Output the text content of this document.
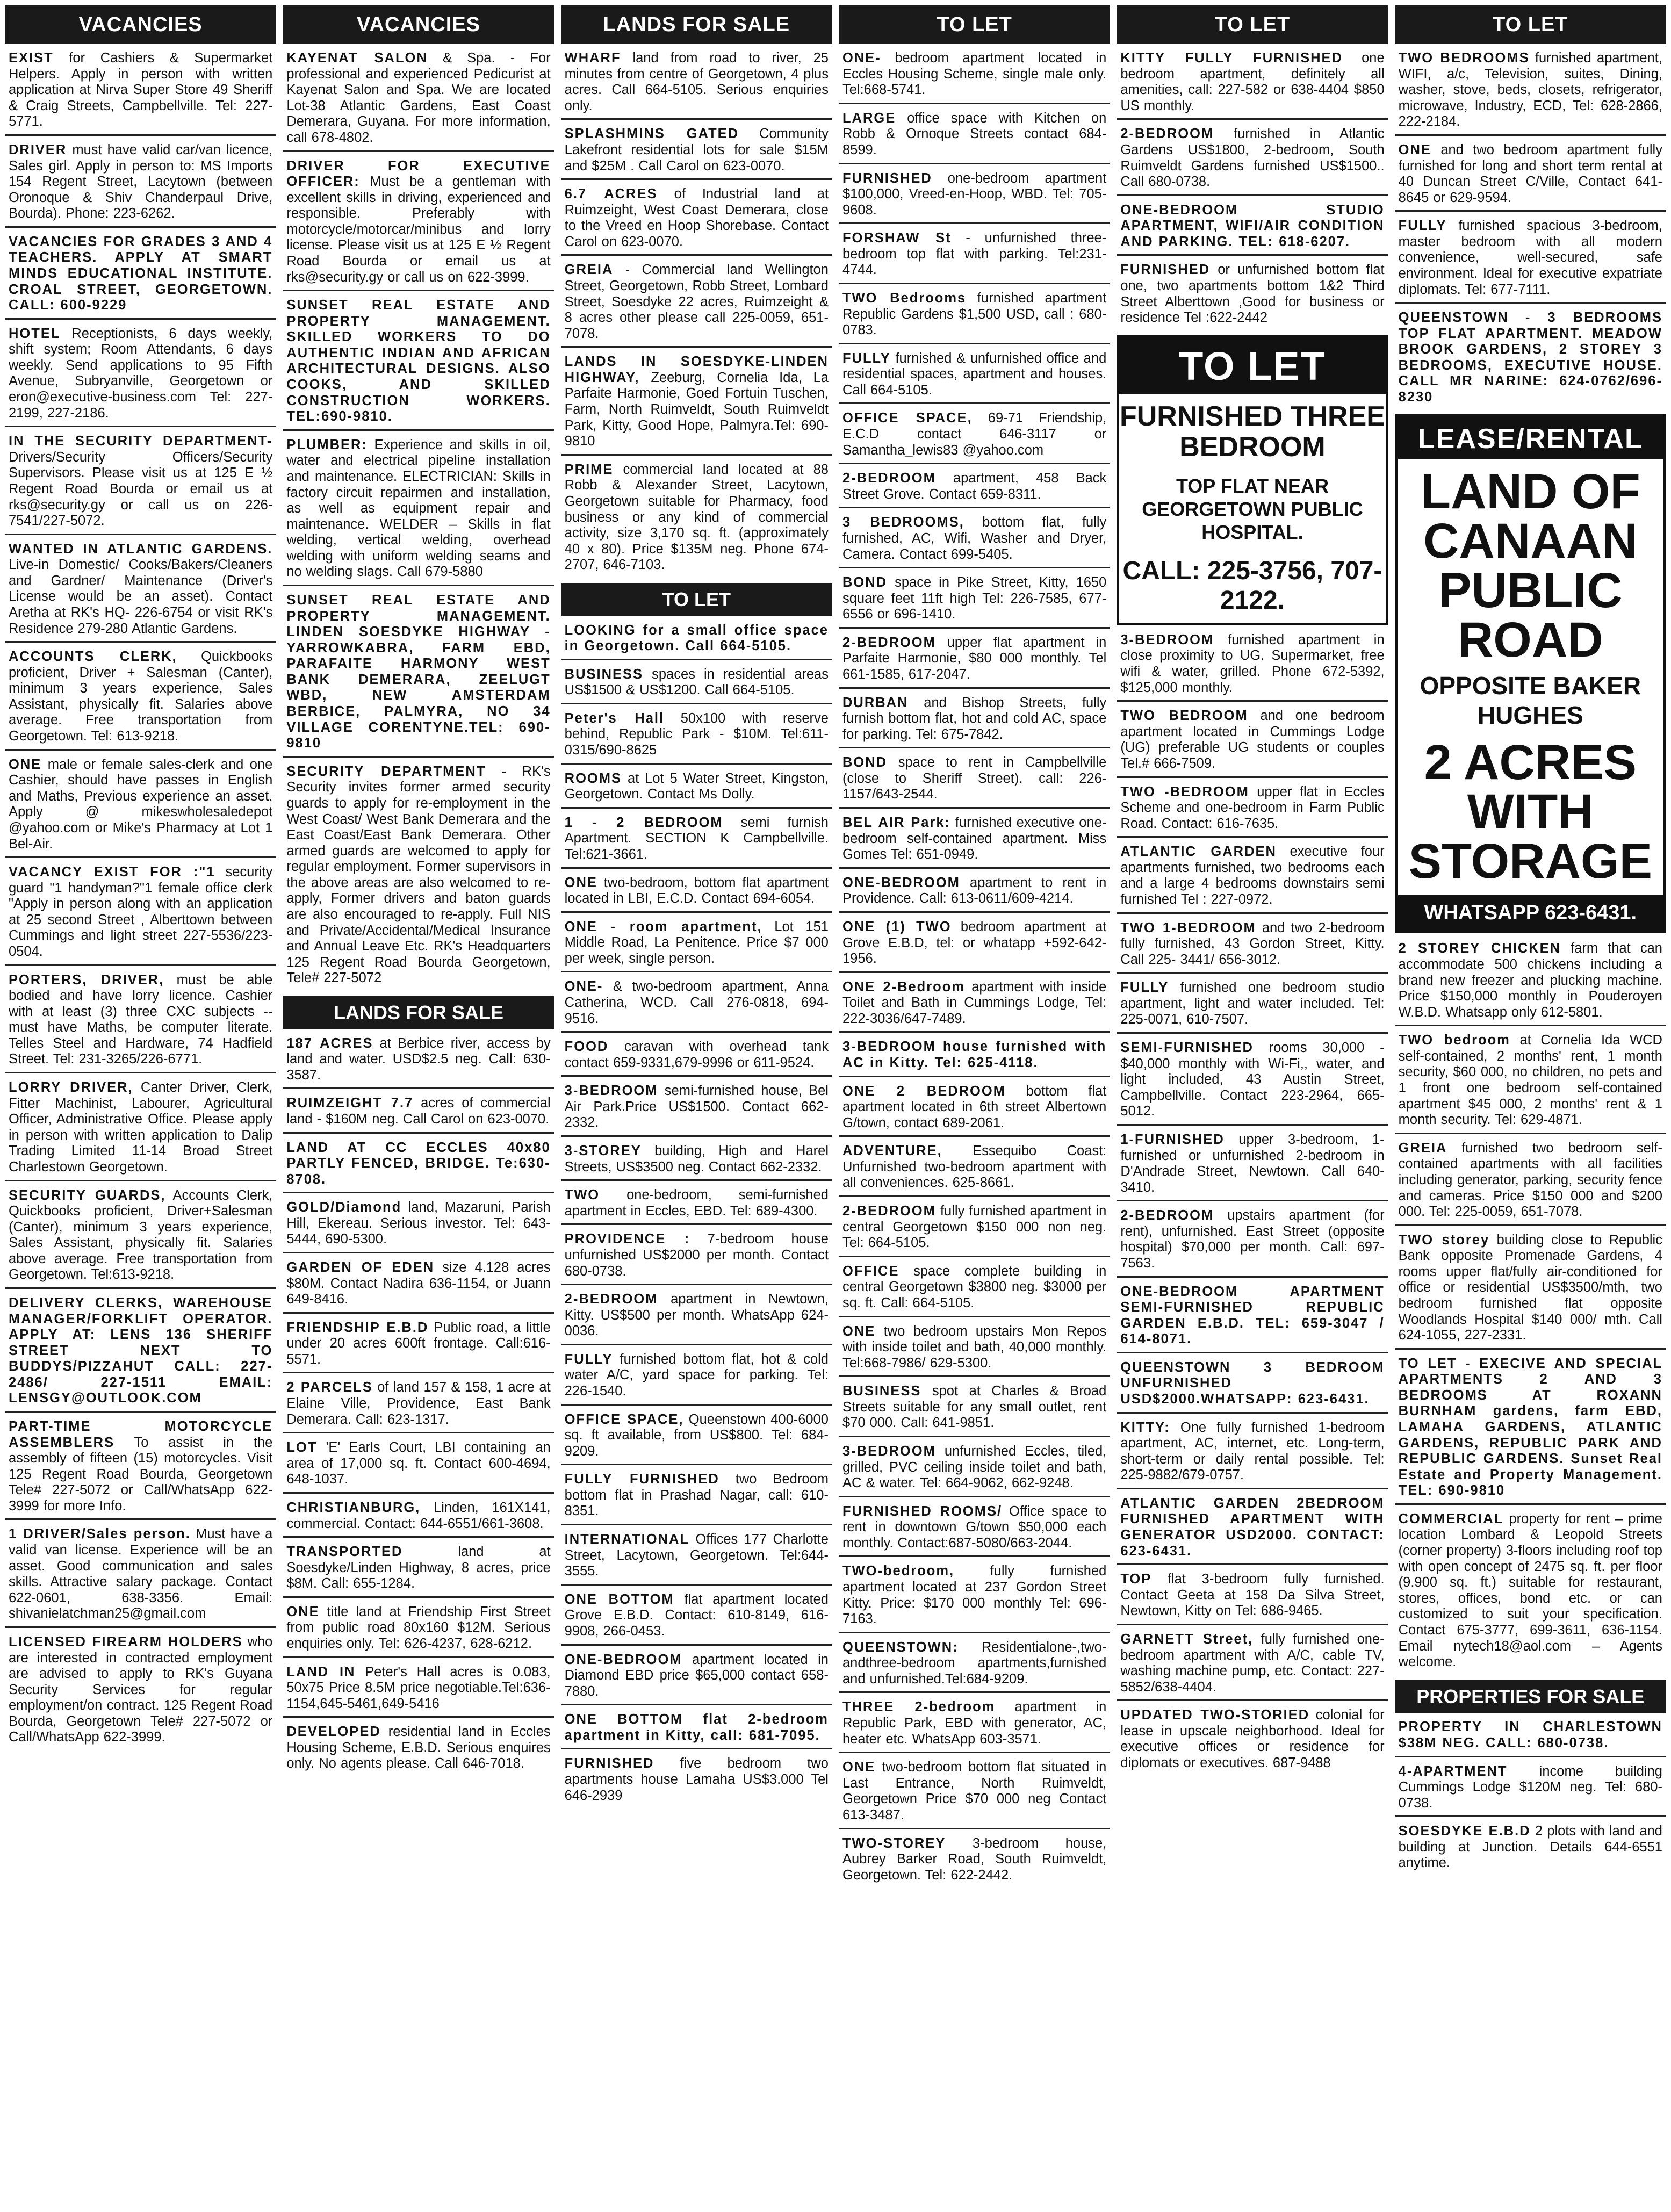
VACANCIES
EXIST for Cashiers & Supermarket Helpers. Apply in person with written application at Nirva Super Store 49 Sheriff & Craig Streets, Campbellville. Tel: 227-5771.
DRIVER must have valid car/van licence, Sales girl. Apply in person to: MS Imports 154 Regent Street, Lacytown (between Oronoque & Shiv Chanderpaul Drive, Bourda). Phone: 223-6262.
VACANCIES FOR GRADES 3 AND 4 TEACHERS. APPLY AT SMART MINDS EDUCATIONAL INSTITUTE. CROAL STREET, GEORGETOWN. CALL: 600-9229
HOTEL Receptionists, 6 days weekly, shift system; Room Attendants, 6 days weekly. Send applications to 95 Fifth Avenue, Subryanville, Georgetown or eron@executive-business.com Tel: 227-2199, 227-2186.
IN THE SECURITY DEPARTMENT- Drivers/Security Officers/Security Supervisors. Please visit us at 125 E ½ Regent Road Bourda or email us at rks@security.gy or call us on 226-7541/227-5072.
WANTED IN ATLANTIC GARDENS. Live-in Domestic/ Cooks/Bakers/Cleaners and Gardner/ Maintenance (Driver's License would be an asset). Contact Aretha at RK's HQ- 226-6754 or visit RK's Residence 279-280 Atlantic Gardens.
ACCOUNTS CLERK, Quickbooks proficient, Driver + Salesman (Canter), minimum 3 years experience, Sales Assistant, physically fit. Salaries above average. Free transportation from Georgetown. Tel: 613-9218.
ONE male or female sales-clerk and one Cashier, should have passes in English and Maths, Previous experience an asset. Apply @ mikeswholesaledepot @yahoo.com or Mike's Pharmacy at Lot 1 Bel-Air.
VACANCY EXIST FOR :"1 security guard "1 handyman?"1 female office clerk "Apply in person along with an application at 25 second Street , Alberttown between Cummings and light street 227-5536/223-0504.
PORTERS, DRIVER, must be able bodied and have lorry licence. Cashier with at least (3) three CXC subjects -- must have Maths, be computer literate. Telles Steel and Hardware, 74 Hadfield Street. Tel: 231-3265/226-6771.
LORRY DRIVER, Canter Driver, Clerk, Fitter Machinist, Labourer, Agricultural Officer, Administrative Office. Please apply in person with written application to Dalip Trading Limited 11-14 Broad Street Charlestown Georgetown.
SECURITY GUARDS, Accounts Clerk, Quickbooks proficient, Driver+Salesman (Canter), minimum 3 years experience, Sales Assistant, physically fit. Salaries above average. Free transportation from Georgetown. Tel:613-9218.
DELIVERY CLERKS, WAREHOUSE MANAGER/FORKLIFT OPERATOR. APPLY AT: LENS 136 SHERIFF STREET NEXT TO BUDDYS/PIZZAHUT CALL: 227-2486/ 227-1511 EMAIL: LENSGY@OUTLOOK.COM
PART-TIME MOTORCYCLE ASSEMBLERS To assist in the assembly of fifteen (15) motorcycles. Visit 125 Regent Road Bourda, Georgetown Tele# 227-5072 or Call/WhatsApp 622-3999 for more Info.
1 DRIVER/Sales person. Must have a valid van license. Experience will be an asset. Good communication and sales skills. Attractive salary package. Contact 622-0601, 638-3356. Email: shivanielatchman25@gmail.com
LICENSED FIREARM HOLDERS who are interested in contracted employment are advised to apply to RK's Guyana Security Services for regular employment/on contract. 125 Regent Road Bourda, Georgetown Tele# 227-5072 or Call/WhatsApp 622-3999.
VACANCIES
KAYENAT SALON & Spa. - For professional and experienced Pedicurist at Kayenat Salon and Spa. We are located Lot-38 Atlantic Gardens, East Coast Demerara, Guyana. For more information, call 678-4802.
DRIVER FOR EXECUTIVE OFFICER: Must be a gentleman with excellent skills in driving, experienced and responsible. Preferably with motorcycle/motorcar/minibus and lorry license. Please visit us at 125 E ½ Regent Road Bourda or email us at rks@security.gy or call us on 622-3999.
SUNSET REAL ESTATE AND PROPERTY MANAGEMENT. SKILLED WORKERS TO DO AUTHENTIC INDIAN AND AFRICAN ARCHITECTURAL DESIGNS. ALSO COOKS, AND SKILLED CONSTRUCTION WORKERS. TEL:690-9810.
PLUMBER: Experience and skills in oil, water and electrical pipeline installation and maintenance. ELECTRICIAN: Skills in factory circuit repairmen and installation, as well as equipment repair and maintenance. WELDER – Skills in flat welding, vertical welding, overhead welding with uniform welding seams and no welding slags. Call 679-5880
SUNSET REAL ESTATE AND PROPERTY MANAGEMENT. LINDEN SOESDYKE HIGHWAY - YARROWKABRA, FARM EBD, PARAFAITE HARMONY WEST BANK DEMERARA, ZEELUGT WBD, NEW AMSTERDAM BERBICE, PALMYRA, NO 34 VILLAGE CORENTYNE.TEL: 690-9810
SECURITY DEPARTMENT - RK's Security invites former armed security guards to apply for re-employment in the West Coast/ West Bank Demerara and the East Coast/East Bank Demerara. Other armed guards are welcomed to apply for regular employment. Former supervisors in the above areas are also welcomed to re-apply, Former drivers and baton guards are also encouraged to re-apply. Full NIS and Private/Accidental/Medical Insurance and Annual Leave Etc. RK's Headquarters 125 Regent Road Bourda Georgetown, Tele# 227-5072
LANDS FOR SALE
187 ACRES at Berbice river, access by land and water. USD$2.5 neg. Call: 630-3587.
RUIMZEIGHT 7.7 acres of commercial land - $160M neg. Call Carol on 623-0070.
LAND AT CC ECCLES 40x80 PARTLY FENCED, BRIDGE. Te:630-8708.
GOLD/Diamond land, Mazaruni, Parish Hill, Ekereau. Serious investor. Tel: 643-5444, 690-5300.
GARDEN OF EDEN size 4.128 acres $80M. Contact Nadira 636-1154, or Juann 649-8416.
FRIENDSHIP E.B.D Public road, a little under 20 acres 600ft frontage. Call:616-5571.
2 PARCELS of land 157 & 158, 1 acre at Elaine Ville, Providence, East Bank Demerara. Call: 623-1317.
LOT 'E' Earls Court, LBI containing an area of 17,000 sq. ft. Contact 600-4694, 648-1037.
CHRISTIANBURG, Linden, 161X141, commercial. Contact: 644-6551/661-3608.
TRANSPORTED	land at Soesdyke/Linden Highway, 8 acres, price $8M. Call: 655-1284.
ONE title land at Friendship First Street from public road 80x160 $12M. Serious enquiries only. Tel: 626-4237, 628-6212.
LAND IN Peter's Hall acres is 0.083, 50x75 Price 8.5M price negotiable.Tel:636-1154,645-5461,649-5416
DEVELOPED residential land in Eccles Housing Scheme, E.B.D. Serious enquires only. No agents please. Call 646-7018.
LANDS FOR SALE
WHARF land from road to river, 25 minutes from centre of Georgetown, 4 plus acres. Call 664-5105. Serious enquiries only.
SPLASHMINS GATED Community Lakefront residential lots for sale $15M and $25M . Call Carol on 623-0070.
6.7 ACRES of Industrial land at Ruimzeight, West Coast Demerara, close to the Vreed en Hoop Shorebase. Contact Carol on 623-0070.
GREIA - Commercial land Wellington Street, Georgetown, Robb Street, Lombard Street, Soesdyke 22 acres, Ruimzeight & 8 acres other please call 225-0059, 651-7078.
LANDS IN SOESDYKE-LINDEN HIGHWAY, Zeeburg, Cornelia Ida, La Parfaite Harmonie, Goed Fortuin Tuschen, Farm, North Ruimveldt, South Ruimveldt Park, Kitty, Good Hope, Palmyra.Tel: 690-9810
PRIME commercial land located at 88 Robb & Alexander Street, Lacytown, Georgetown suitable for Pharmacy, food business or any kind of commercial activity, size 3,170 sq. ft. (approximately 40 x 80). Price $135M neg. Phone 674-2707, 646-7103.
TO LET
LOOKING for a small office space in Georgetown. Call 664-5105.
BUSINESS spaces in residential areas US$1500 & US$1200. Call 664-5105.
Peter's Hall 50x100 with reserve behind, Republic Park - $10M. Tel:611-0315/690-8625
ROOMS at Lot 5 Water Street, Kingston, Georgetown. Contact Ms Dolly.
1 - 2 BEDROOM semi furnish Apartment. SECTION K Campbellville. Tel:621-3661.
ONE two-bedroom, bottom flat apartment located in LBI, E.C.D. Contact 694-6054.
ONE - room apartment, Lot 151 Middle Road, La Penitence. Price $7 000 per week, single person.
ONE- & two-bedroom apartment, Anna Catherina, WCD. Call 276-0818, 694-9516.
FOOD caravan with overhead tank contact 659-9331,679-9996 or 611-9524.
3-BEDROOM semi-furnished house, Bel Air Park.Price US$1500. Contact 662-2332.
3-STOREY building, High and Harel Streets, US$3500 neg. Contact 662-2332.
TWO one-bedroom, semi-furnished apartment in Eccles, EBD. Tel: 689-4300.
PROVIDENCE : 7-bedroom house unfurnished US$2000 per month. Contact 680-0738.
2-BEDROOM apartment in Newtown, Kitty. US$500 per month. WhatsApp 624-0036.
FULLY furnished bottom flat, hot & cold water A/C, yard space for parking. Tel: 226-1540.
OFFICE SPACE, Queenstown 400-6000 sq. ft available, from US$800. Tel: 684-9209.
FULLY FURNISHED two Bedroom bottom flat in Prashad Nagar, call: 610-8351.
INTERNATIONAL Offices 177 Charlotte Street, Lacytown, Georgetown. Tel:644-3555.
ONE BOTTOM flat apartment located Grove E.B.D. Contact: 610-8149, 616-9908, 266-0453.
ONE-BEDROOM apartment located in Diamond EBD price $65,000 contact 658-7880.
ONE BOTTOM flat 2-bedroom apartment in Kitty, call: 681-7095.
FURNISHED five bedroom two apartments house Lamaha US$3.000 Tel 646-2939
TO LET
ONE- bedroom apartment located in Eccles Housing Scheme, single male only. Tel:668-5741.
LARGE office space with Kitchen on Robb & Ornoque Streets contact 684-8599.
FURNISHED one-bedroom apartment $100,000, Vreed-en-Hoop, WBD. Tel: 705-9608.
FORSHAW St - unfurnished three-bedroom top flat with parking. Tel:231-4744.
TWO Bedrooms furnished apartment Republic Gardens $1,500 USD, call : 680-0783.
FULLY furnished & unfurnished office and residential spaces, apartment and houses. Call 664-5105.
OFFICE SPACE, 69-71 Friendship, E.C.D contact 646-3117 or Samantha_lewis83 @yahoo.com
2-BEDROOM apartment, 458 Back Street Grove. Contact 659-8311.
3 BEDROOMS, bottom flat, fully furnished, AC, Wifi, Washer and Dryer, Camera. Contact 699-5405.
BOND space in Pike Street, Kitty, 1650 square feet 11ft high Tel: 226-7585, 677-6556 or 696-1410.
2-BEDROOM upper flat apartment in Parfaite Harmonie, $80 000 monthly. Tel 661-1585, 617-2047.
DURBAN and Bishop Streets, fully furnish bottom flat, hot and cold AC, space for parking. Tel: 675-7842.
BOND space to rent in Campbellville (close to Sheriff Street). call: 226-1157/643-2544.
BEL AIR Park: furnished executive one-bedroom self-contained apartment. Miss Gomes Tel: 651-0949.
ONE-BEDROOM apartment to rent in Providence. Call: 613-0611/609-4214.
ONE (1) TWO bedroom apartment at Grove E.B.D, tel: or whatapp +592-642-1956.
ONE 2-Bedroom apartment with inside Toilet and Bath in Cummings Lodge, Tel: 222-3036/647-7489.
3-BEDROOM house furnished with AC in Kitty. Tel: 625-4118.
ONE 2 BEDROOM bottom flat apartment located in 6th street Albertown G/town, contact 689-2061.
ADVENTURE, Essequibo Coast: Unfurnished two-bedroom apartment with all conveniences. 625-8661.
2-BEDROOM fully furnished apartment in central Georgetown $150 000 non neg. Tel: 664-5105.
OFFICE space complete building in central Georgetown $3800 neg. $3000 per sq. ft. Call: 664-5105.
ONE two bedroom upstairs Mon Repos with inside toilet and bath, 40,000 monthly. Tel:668-7986/ 629-5300.
BUSINESS spot at Charles & Broad Streets suitable for any small outlet, rent $70 000. Call: 641-9851.
3-BEDROOM unfurnished Eccles, tiled, grilled, PVC ceiling inside toilet and bath, AC & water. Tel: 664-9062, 662-9248.
FURNISHED ROOMS/ Office space to rent in downtown G/town $50,000 each monthly. Contact:687-5080/663-2044.
TWO-bedroom,	fully furnished apartment located at 237 Gordon Street Kitty. Price: $170 000 monthly Tel: 696-7163.
QUEENSTOWN: Residentialone-,two-andthree-bedroom apartments,furnished and unfurnished.Tel:684-9209.
THREE 2-bedroom apartment in Republic Park, EBD with generator, AC, heater etc. WhatsApp 603-3571.
ONE two-bedroom bottom flat situated in Last Entrance, North Ruimveldt, Georgetown Price $70 000 neg Contact 613-3487.
TWO-STOREY 3-bedroom house, Aubrey Barker Road, South Ruimveldt, Georgetown. Tel: 622-2442.
TO LET
KITTY FULLY FURNISHED one bedroom apartment, definitely all amenities, call: 227-582 or 638-4404 $850 US monthly.
2-BEDROOM furnished in Atlantic Gardens US$1800, 2-bedroom, South Ruimveldt Gardens furnished US$1500.. Call 680-0738.
ONE-BEDROOM STUDIO APARTMENT, WIFI/AIR CONDITION AND PARKING. TEL: 618-6207.
FURNISHED or unfurnished bottom flat one, two apartments bottom 1&2 Third Street Alberttown ,Good for business or residence Tel :622-2442
TO LET
FURNISHED THREE BEDROOM
TOP FLAT NEAR GEORGETOWN PUBLIC HOSPITAL.
CALL: 225-3756, 707-2122.
3-BEDROOM furnished apartment in close proximity to UG. Supermarket, free wifi & water, grilled. Phone 672-5392, $125,000 monthly.
TWO BEDROOM and one bedroom apartment located in Cummings Lodge (UG) preferable UG students or couples Tel.# 666-7509.
TWO -BEDROOM upper flat in Eccles Scheme and one-bedroom in Farm Public Road. Contact: 616-7635.
ATLANTIC GARDEN executive four apartments furnished, two bedrooms each and a large 4 bedrooms downstairs semi furnished Tel : 227-0972.
TWO 1-BEDROOM and two 2-bedroom fully furnished, 43 Gordon Street, Kitty. Call 225- 3441/ 656-3012.
FULLY furnished one bedroom studio apartment, light and water included. Tel: 225-0071, 610-7507.
SEMI-FURNISHED rooms 30,000 - $40,000 monthly with Wi-Fi,, water, and light included, 43 Austin Street, Campbellville. Contact 223-2964, 665-5012.
1-FURNISHED upper 3-bedroom, 1-furnished or unfurnished 2-bedroom in D'Andrade Street, Newtown. Call 640-3410.
2-BEDROOM upstairs apartment (for rent), unfurnished. East Street (opposite hospital) $70,000 per month. Call: 697-7563.
ONE-BEDROOM APARTMENT SEMI-FURNISHED REPUBLIC GARDEN E.B.D. TEL: 659-3047 / 614-8071.
QUEENSTOWN 3 BEDROOM UNFURNISHED USD$2000.WHATSAPP: 623-6431.
KITTY: One fully furnished 1-bedroom apartment, AC, internet, etc. Long-term, short-term or daily rental possible. Tel: 225-9882/679-0757.
ATLANTIC GARDEN 2BEDROOM FURNISHED APARTMENT WITH GENERATOR USD2000. CONTACT: 623-6431.
TOP flat 3-bedroom fully furnished. Contact Geeta at 158 Da Silva Street, Newtown, Kitty on Tel: 686-9465.
GARNETT Street, fully furnished one-bedroom apartment with A/C, cable TV, washing machine pump, etc. Contact: 227-5852/638-4404.
UPDATED TWO-STORIED colonial for lease in upscale neighborhood. Ideal for executive offices or residence for diplomats or executives. 687-9488
TO LET
TWO BEDROOMS furnished apartment, WIFI, a/c, Television, suites, Dining, washer, stove, beds, closets, refrigerator, microwave, Industry, ECD, Tel: 628-2866, 222-2184.
ONE and two bedroom apartment fully furnished for long and short term rental at 40 Duncan Street C/Ville, Contact 641-8645 or 629-9594.
FULLY furnished spacious 3-bedroom, master bedroom with all modern convenience, well-secured, safe environment. Ideal for executive expatriate diplomats. Tel: 677-7111.
QUEENSTOWN - 3 BEDROOMS TOP FLAT APARTMENT. MEADOW BROOK GARDENS, 2 STOREY 3 BEDROOMS, EXECUTIVE HOUSE. CALL MR NARINE: 624-0762/696-8230
LEASE/RENTAL
LAND OF CANAAN PUBLIC ROAD
OPPOSITE BAKER HUGHES
2 ACRES WITH STORAGE
WHATSAPP 623-6431.
2 STOREY CHICKEN farm that can accommodate 500 chickens including a brand new freezer and plucking machine. Price $150,000 monthly in Pouderoyen W.B.D. Whatsapp only 612-5801.
TWO bedroom at Cornelia Ida WCD self-contained, 2 months' rent, 1 month security, $60 000, no children, no pets and 1 front one bedroom self-contained apartment $45 000, 2 months' rent & 1 month security. Tel: 629-4871.
GREIA furnished two bedroom self-contained apartments with all facilities including generator, parking, security fence and cameras. Price $150 000 and $200 000. Tel: 225-0059, 651-7078.
TWO storey building close to Republic Bank opposite Promenade Gardens, 4 rooms upper flat/fully air-conditioned for office or residential US$3500/mth, two bedroom furnished flat opposite Woodlands Hospital $140 000/ mth. Call 624-1055, 227-2331.
TO LET - EXECIVE AND SPECIAL APARTMENTS 2 AND 3 BEDROOMS AT ROXANN BURNHAM gardens, farm EBD, LAMAHA GARDENS, ATLANTIC GARDENS, REPUBLIC PARK AND REPUBLIC GARDENS. Sunset Real Estate and Property Management. TEL: 690-9810
COMMERCIAL property for rent – prime location Lombard & Leopold Streets (corner property) 3-floors including roof top with open concept of 2475 sq. ft. per floor (9.900 sq. ft.) suitable for restaurant, stores, offices, bond etc. or can customized to suit your specification. Contact 675-3777, 699-3611, 636-1154. Email nytech18@aol.com – Agents welcome.
PROPERTIES FOR SALE
PROPERTY IN CHARLESTOWN $38M NEG. CALL: 680-0738.
4-APARTMENT income building Cummings Lodge $120M neg. Tel: 680-0738.
SOESDYKE E.B.D 2 plots with land and building at Junction. Details 644-6551 anytime.
